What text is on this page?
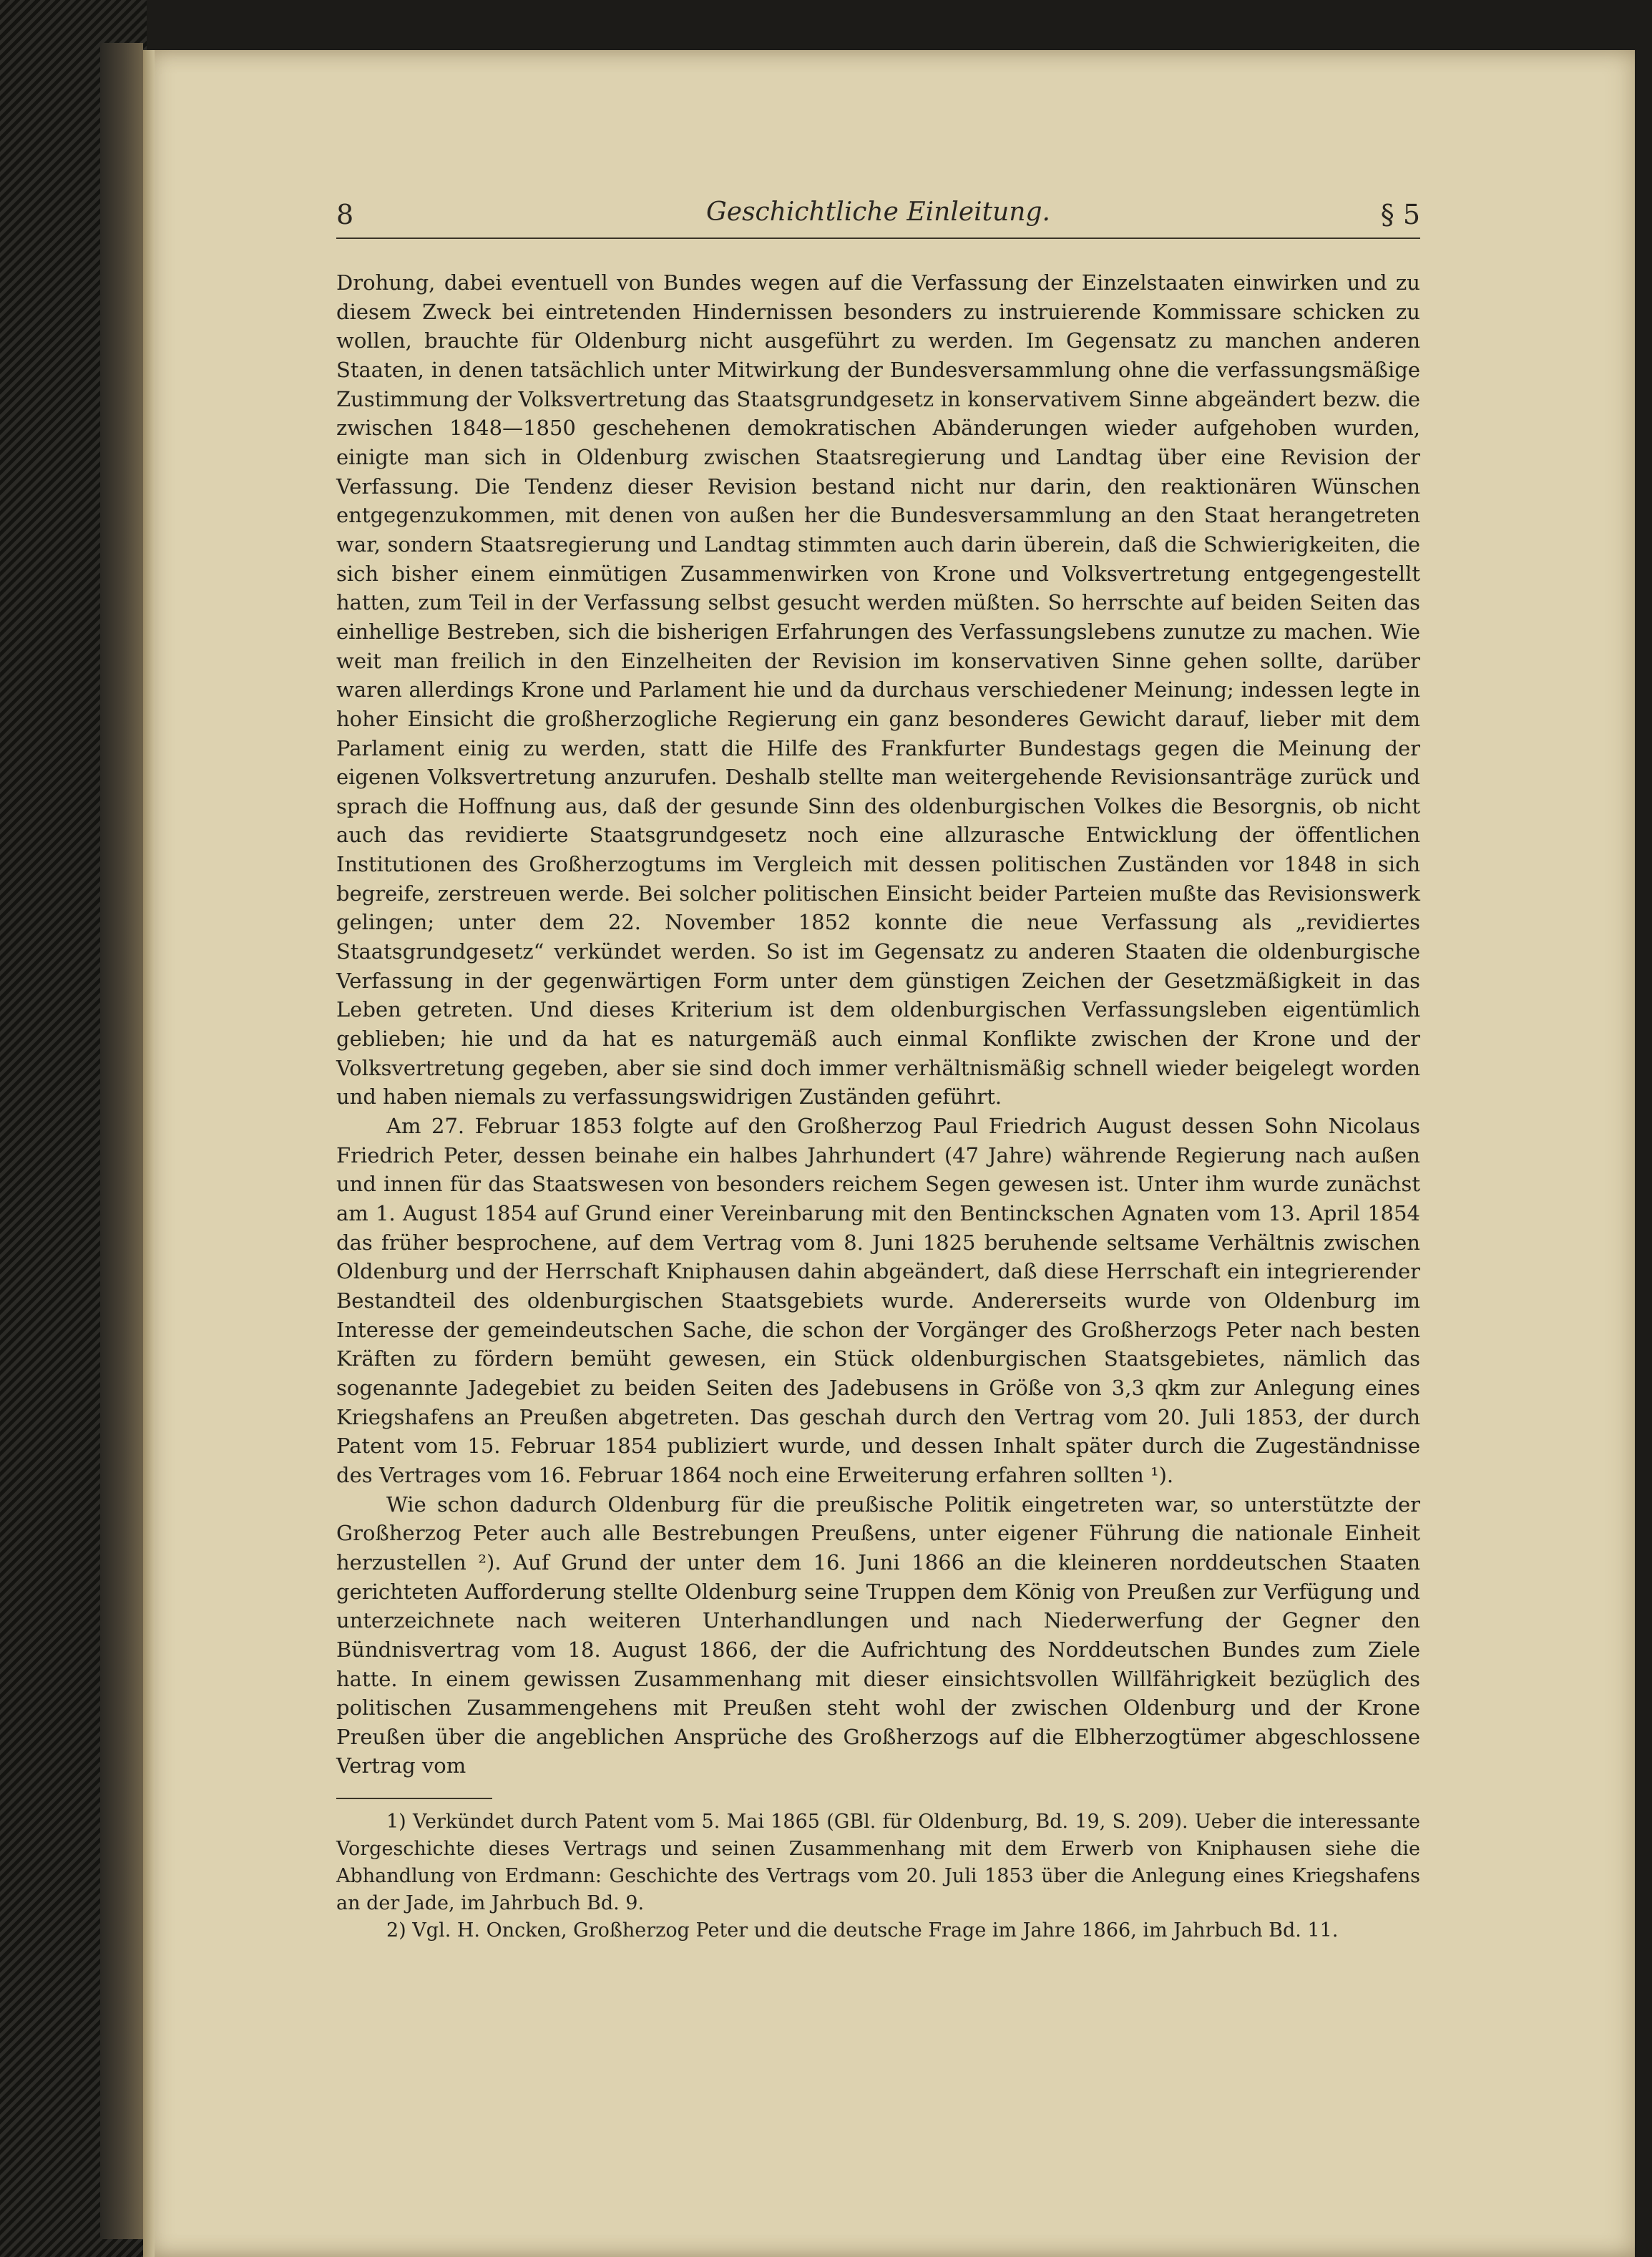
8	Geschichtliche Einleitung.	§ 5

Drohung, dabei eventuell von Bundes wegen auf die Verfassung der Einzelstaaten einwirken und zu diesem Zweck bei eintretenden Hindernissen besonders zu instruierende Kommissare schicken zu wollen, brauchte für Oldenburg nicht ausgeführt zu werden. Im Gegensatz zu manchen anderen Staaten, in denen tatsächlich unter Mitwirkung der Bundesversammlung ohne die verfassungsmäßige Zustimmung der Volksvertretung das Staatsgrundgesetz in konservativem Sinne abgeändert bezw. die zwischen 1848—1850 geschehenen demokratischen Abänderungen wieder aufgehoben wurden, einigte man sich in Oldenburg zwischen Staatsregierung und Landtag über eine Revision der Verfassung. Die Tendenz dieser Revision bestand nicht nur darin, den reaktionären Wünschen entgegenzukommen, mit denen von außen her die Bundesversammlung an den Staat herangetreten war, sondern Staatsregierung und Landtag stimmten auch darin überein, daß die Schwierigkeiten, die sich bisher einem einmütigen Zusammenwirken von Krone und Volksvertretung entgegengestellt hatten, zum Teil in der Verfassung selbst gesucht werden müßten. So herrschte auf beiden Seiten das einhellige Bestreben, sich die bisherigen Erfahrungen des Verfassungslebens zunutze zu machen. Wie weit man freilich in den Einzelheiten der Revision im konservativen Sinne gehen sollte, darüber waren allerdings Krone und Parlament hie und da durchaus verschiedener Meinung; indessen legte in hoher Einsicht die großherzogliche Regierung ein ganz besonderes Gewicht darauf, lieber mit dem Parlament einig zu werden, statt die Hilfe des Frankfurter Bundestags gegen die Meinung der eigenen Volksvertretung anzurufen. Deshalb stellte man weitergehende Revisionsanträge zurück und sprach die Hoffnung aus, daß der gesunde Sinn des oldenburgischen Volkes die Besorgnis, ob nicht auch das revidierte Staatsgrundgesetz noch eine allzurasche Entwicklung der öffentlichen Institutionen des Großherzogtums im Vergleich mit dessen politischen Zuständen vor 1848 in sich begreife, zerstreuen werde. Bei solcher politischen Einsicht beider Parteien mußte das Revisionswerk gelingen; unter dem 22. November 1852 konnte die neue Verfassung als „revidiertes Staatsgrundgesetz“ verkündet werden. So ist im Gegensatz zu anderen Staaten die oldenburgische Verfassung in der gegenwärtigen Form unter dem günstigen Zeichen der Gesetzmäßigkeit in das Leben getreten. Und dieses Kriterium ist dem oldenburgischen Verfassungsleben eigentümlich geblieben; hie und da hat es naturgemäß auch einmal Konflikte zwischen der Krone und der Volksvertretung gegeben, aber sie sind doch immer verhältnismäßig schnell wieder beigelegt worden und haben niemals zu verfassungswidrigen Zuständen geführt.

Am 27. Februar 1853 folgte auf den Großherzog Paul Friedrich August dessen Sohn Nicolaus Friedrich Peter, dessen beinahe ein halbes Jahrhundert (47 Jahre) währende Regierung nach außen und innen für das Staatswesen von besonders reichem Segen gewesen ist. Unter ihm wurde zunächst am 1. August 1854 auf Grund einer Vereinbarung mit den Bentinckschen Agnaten vom 13. April 1854 das früher besprochene, auf dem Vertrag vom 8. Juni 1825 beruhende seltsame Verhältnis zwischen Oldenburg und der Herrschaft Kniphausen dahin abgeändert, daß diese Herrschaft ein integrierender Bestandteil des oldenburgischen Staatsgebiets wurde. Andererseits wurde von Oldenburg im Interesse der gemeindeutschen Sache, die schon der Vorgänger des Großherzogs Peter nach besten Kräften zu fördern bemüht gewesen, ein Stück oldenburgischen Staatsgebietes, nämlich das sogenannte Jadegebiet zu beiden Seiten des Jadebusens in Größe von 3,3 qkm zur Anlegung eines Kriegshafens an Preußen abgetreten. Das geschah durch den Vertrag vom 20. Juli 1853, der durch Patent vom 15. Februar 1854 publiziert wurde, und dessen Inhalt später durch die Zugeständnisse des Vertrages vom 16. Februar 1864 noch eine Erweiterung erfahren sollten ¹).

Wie schon dadurch Oldenburg für die preußische Politik eingetreten war, so unterstützte der Großherzog Peter auch alle Bestrebungen Preußens, unter eigener Führung die nationale Einheit herzustellen ²). Auf Grund der unter dem 16. Juni 1866 an die kleineren norddeutschen Staaten gerichteten Aufforderung stellte Oldenburg seine Truppen dem König von Preußen zur Verfügung und unterzeichnete nach weiteren Unterhandlungen und nach Niederwerfung der Gegner den Bündnisvertrag vom 18. August 1866, der die Aufrichtung des Norddeutschen Bundes zum Ziele hatte. In einem gewissen Zusammenhang mit dieser einsichtsvollen Willfährigkeit bezüglich des politischen Zusammengehens mit Preußen steht wohl der zwischen Oldenburg und der Krone Preußen über die angeblichen Ansprüche des Großherzogs auf die Elbherzogtümer abgeschlossene Vertrag vom

1) Verkündet durch Patent vom 5. Mai 1865 (GBl. für Oldenburg, Bd. 19, S. 209). Ueber die interessante Vorgeschichte dieses Vertrags und seinen Zusammenhang mit dem Erwerb von Kniphausen siehe die Abhandlung von Erdmann: Geschichte des Vertrags vom 20. Juli 1853 über die Anlegung eines Kriegshafens an der Jade, im Jahrbuch Bd. 9.

2) Vgl. H. Oncken, Großherzog Peter und die deutsche Frage im Jahre 1866, im Jahrbuch Bd. 11.
